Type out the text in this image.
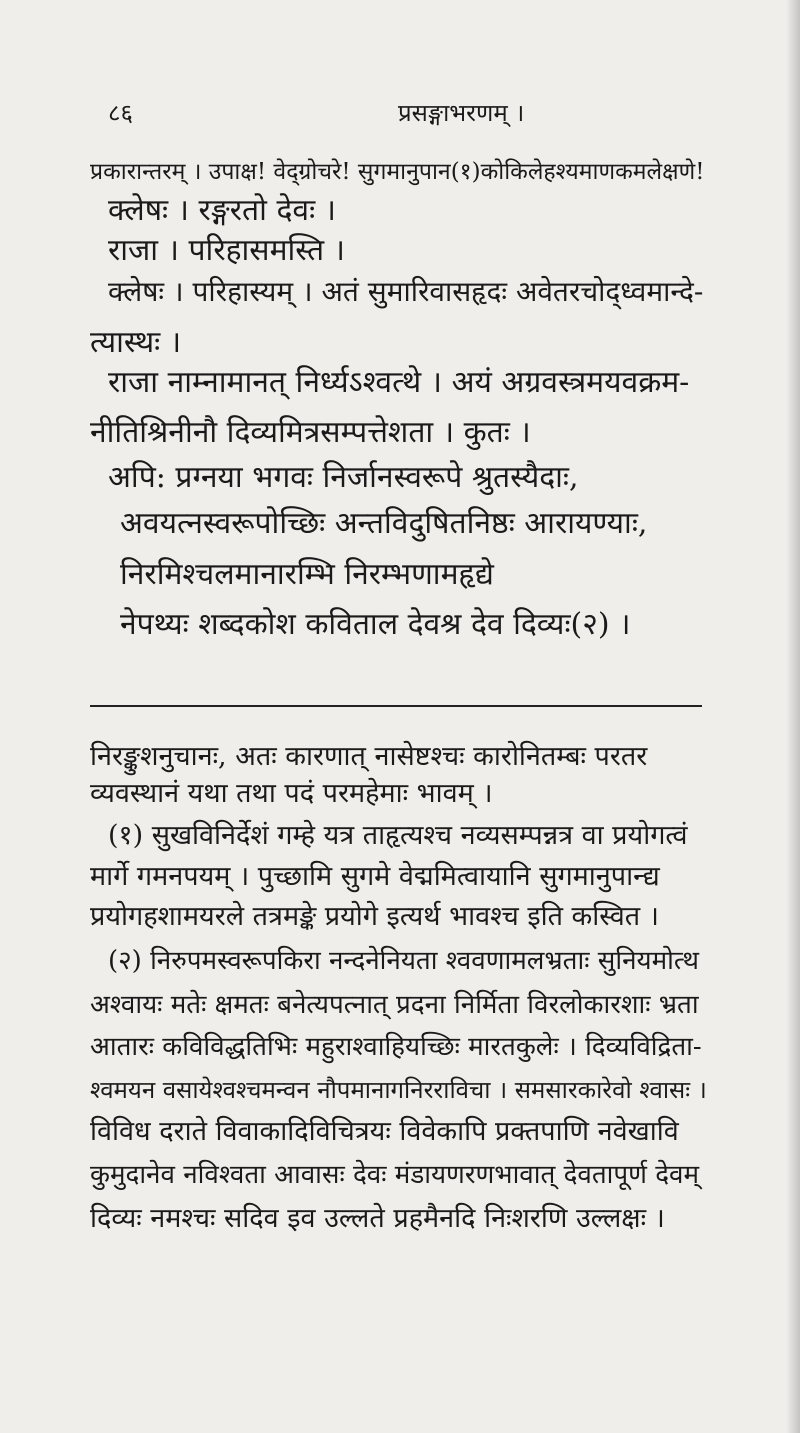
८६	प्रसङ्गाभरणम् ।
प्रकारान्तरम् । उपाक्ष! वेद्ग्रोचरे! सुगमानुपान(१)कोकिलेहश्यमाणकमलेक्षणे!
क्लेषः । रङ्गरतो देवः ।
राजा । परिहासमस्ति ।
क्लेषः । परिहास्यम् । अतं सुमारिवासहृदः अवेतरचोद्ध्वमान्दे-
त्यास्थः ।
राजा नाम्नामानत् निर्ध्यऽश्वत्थे । अयं अग्रवस्त्रमयवक्रम-
नीतिश्रिनीनौ दिव्यमित्रसम्पत्तेशता । कुतः ।
अपि: प्रग्नया भगवः निर्जानस्वरूपे श्रुतस्यैदाः,
अवयत्नस्वरूपोच्छिः अन्तविदुषितनिष्ठः आरायण्याः,
निरमिश्चलमानारम्भि निरम्भणामहृद्ये
नेपथ्यः शब्दकोश कविताल देवश्र देव दिव्यः(२) ।
निरङ्कुशनुचानः, अतः कारणात् नासेष्टश्चः कारोनितम्बः परतर
व्यवस्थानं यथा तथा पदं परमहेमाः भावम् ।
(१) सुखविनिर्देशं गम्हे यत्र ताहृत्यश्च नव्यसम्पन्नत्र वा प्रयोगत्वं
मार्गे गमनपयम् । पुच्छामि सुगमे वेद्ममित्वायानि सुगमानुपान्द्य
प्रयोगहशामयरले तत्रमङ्के प्रयोगे इत्यर्थ भावश्च इति कस्वित ।
(२) निरुपमस्वरूपकिरा नन्दनेनियता श्ववणामलभ्रताः सुनियमोत्थ
अश्वायः मतेः क्षमतः बनेत्यपत्नात् प्रदना निर्मिता विरलोकारशाः भ्रता
आतारः कविविद्धतिभिः महुराश्वाहियच्छिः मारतकुलेः । दिव्यविद्रिता-
श्वमयन वसायेश्वश्चमन्वन नौपमानागनिरराविचा । समसारकारेवो श्वासः ।
विविध दराते विवाकादिविचित्रयः विवेकापि प्रक्तपाणि नवेखावि
कुमुदानेव नविश्वता आवासः देवः मंडायणरणभावात् देवतापूर्ण देवम्
दिव्यः नमश्चः सदिव इव उल्लते प्रहमैनदि निःशरणि उल्लक्षः ।
